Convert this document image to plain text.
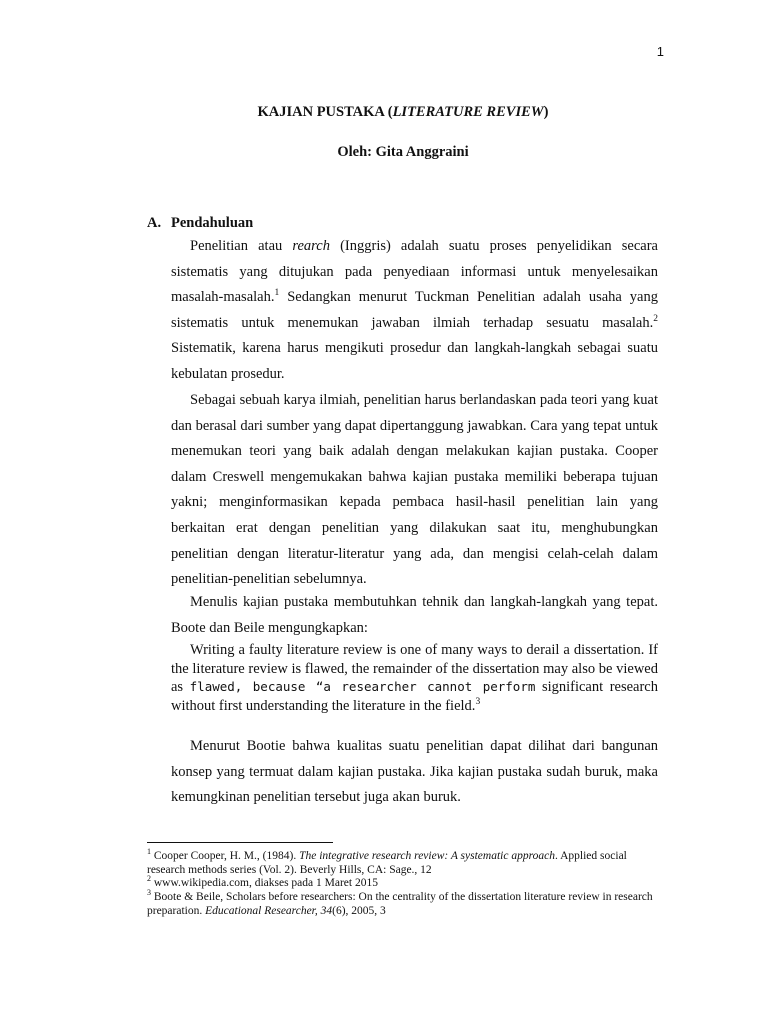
1
KAJIAN PUSTAKA (LITERATURE REVIEW)
Oleh: Gita Anggraini
A. Pendahuluan

Penelitian atau rearch (Inggris) adalah suatu proses penyelidikan secara sistematis yang ditujukan pada penyediaan informasi untuk menyelesaikan masalah-masalah.$^1$ Sedangkan menurut Tuckman Penelitian adalah usaha yang sistematis untuk menemukan jawaban ilmiah terhadap sesuatu masalah.$^2$ Sistematik, karena harus mengikuti prosedur dan langkah-langkah sebagai suatu kebulatan prosedur.

Sebagai sebuah karya ilmiah, penelitian harus berlandaskan pada teori yang kuat dan berasal dari sumber yang dapat dipertanggung jawabkan. Cara yang tepat untuk menemukan teori yang baik adalah dengan melakukan kajian pustaka. Cooper dalam Creswell mengemukakan bahwa kajian pustaka memiliki beberapa tujuan yakni; menginformasikan kepada pembaca hasil-hasil penelitian lain yang berkaitan erat dengan penelitian yang dilakukan saat itu, menghubungkan penelitian dengan literatur-literatur yang ada, dan mengisi celah-celah dalam penelitian-penelitian sebelumnya.

Menulis kajian pustaka membutuhkan tehnik dan langkah-langkah yang tepat. Boote dan Beile mengungkapkan:

Writing a faulty literature review is one of many ways to derail a dissertation. If the literature review is flawed, the remainder of the dissertation may also be viewed as flawed, because “a researcher cannot perform significant research without first understanding the literature in the field.$^3$

Menurut Bootie bahwa kualitas suatu penelitian dapat dilihat dari bangunan konsep yang termuat dalam kajian pustaka. Jika kajian pustaka sudah buruk, maka kemungkinan penelitian tersebut juga akan buruk.

$^1$ Cooper Cooper, H. M., (1984). The integrative research review: A systematic approach. Applied social research methods series (Vol. 2). Beverly Hills, CA: Sage., 12

$^2$ www.wikipedia.com, diakses pada 1 Maret 2015

$^3$ Boote & Beile, Scholars before researchers: On the centrality of the dissertation literature review in research preparation. Educational Researcher, 34(6), 2005, 3
